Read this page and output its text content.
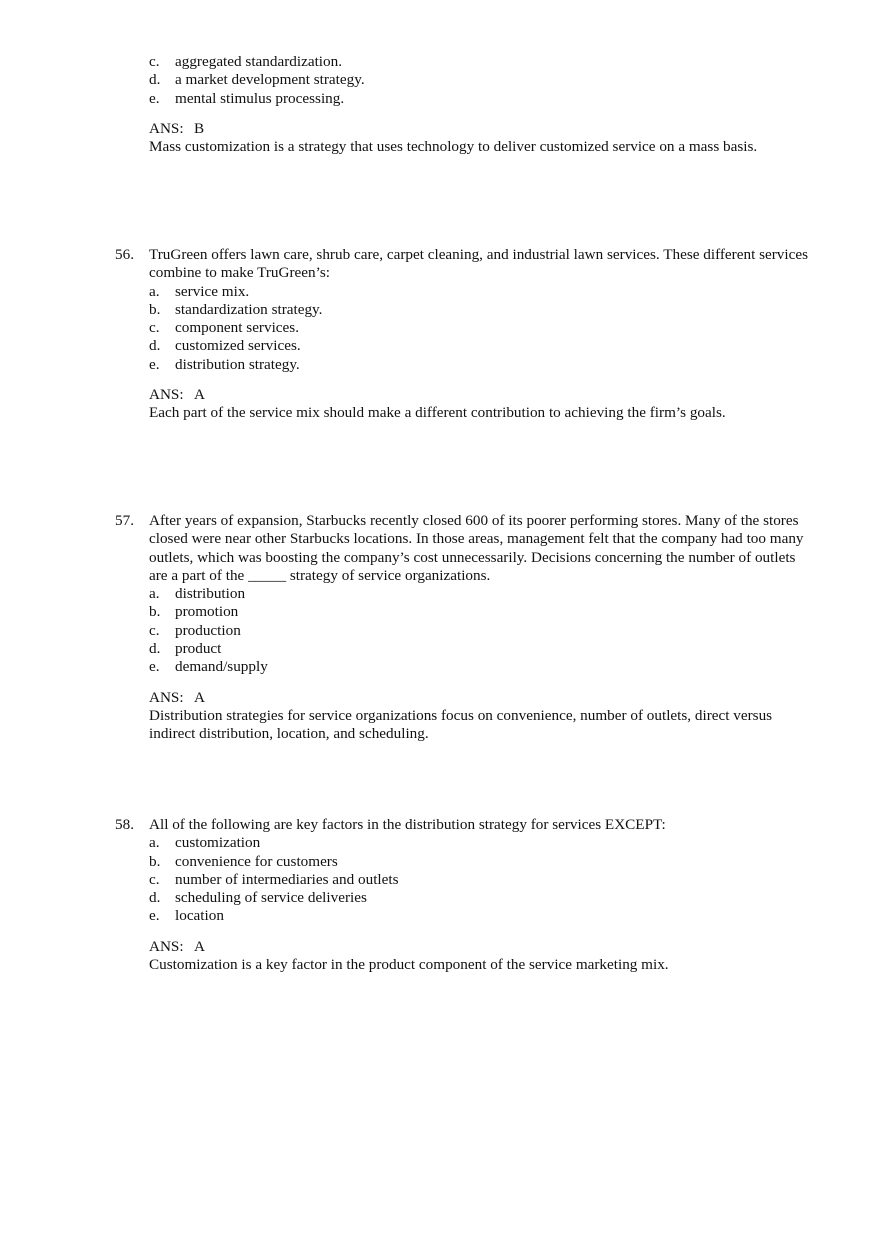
c. aggregated standardization.
d. a market development strategy.
e. mental stimulus processing.
ANS: B
Mass customization is a strategy that uses technology to deliver customized service on a mass basis.
56. TruGreen offers lawn care, shrub care, carpet cleaning, and industrial lawn services. These different services combine to make TruGreen’s:
a. service mix.
b. standardization strategy.
c. component services.
d. customized services.
e. distribution strategy.
ANS: A
Each part of the service mix should make a different contribution to achieving the firm’s goals.
57. After years of expansion, Starbucks recently closed 600 of its poorer performing stores. Many of the stores closed were near other Starbucks locations. In those areas, management felt that the company had too many outlets, which was boosting the company’s cost unnecessarily. Decisions concerning the number of outlets are a part of the _____ strategy of service organizations.
a. distribution
b. promotion
c. production
d. product
e. demand/supply
ANS: A
Distribution strategies for service organizations focus on convenience, number of outlets, direct versus indirect distribution, location, and scheduling.
58. All of the following are key factors in the distribution strategy for services EXCEPT:
a. customization
b. convenience for customers
c. number of intermediaries and outlets
d. scheduling of service deliveries
e. location
ANS: A
Customization is a key factor in the product component of the service marketing mix.
